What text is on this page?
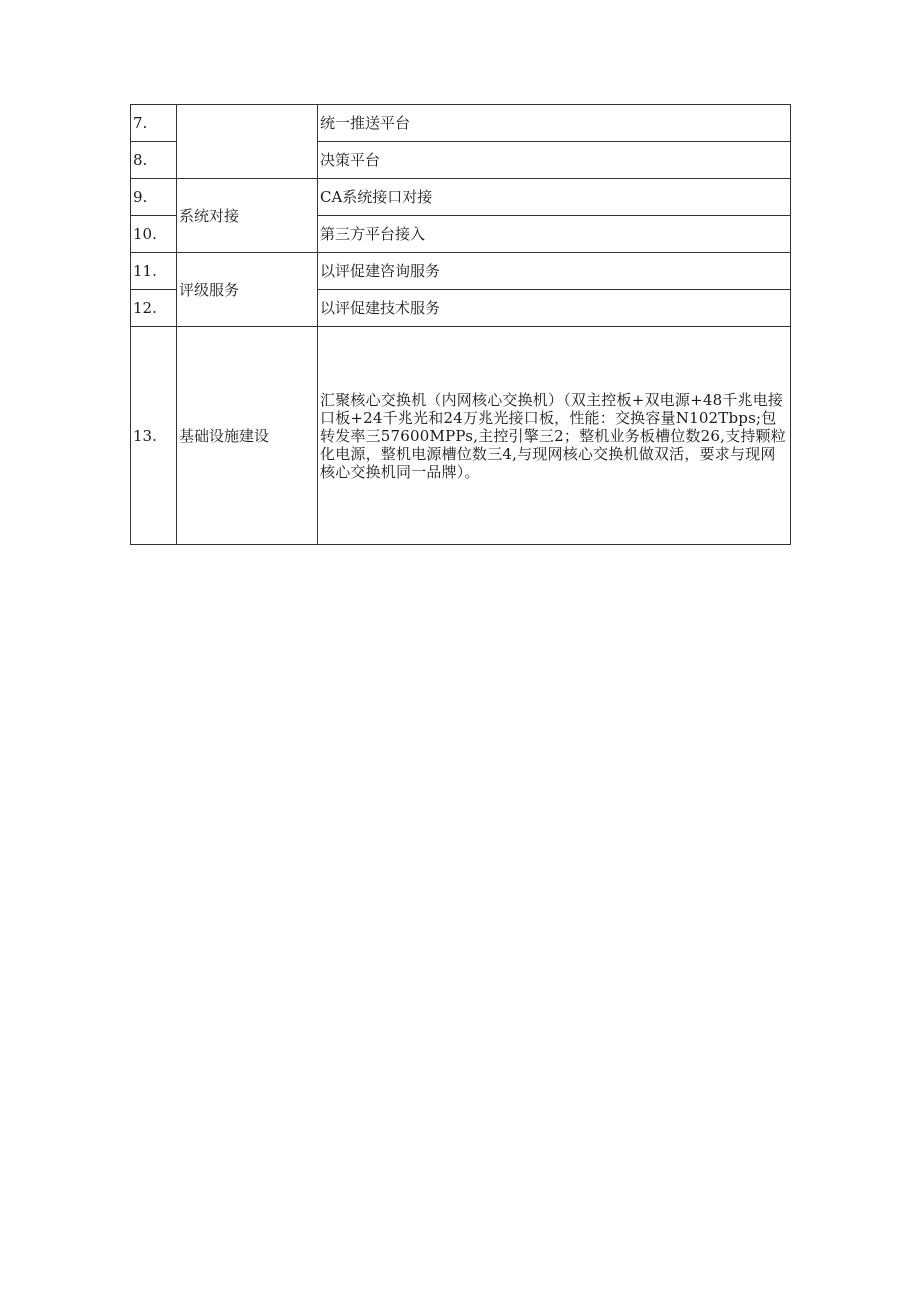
7.		统一推送平台
8.		决策平台
9.	系统对接	CA系统接口对接
10.		第三方平台接入
11.	评级服务	以评促建咨询服务
12.		以评促建技术服务
13.	基础设施建设	汇聚核心交换机（内网核心交换机）（双主控板+双电源+48千兆电接口板+24千兆光和24万兆光接口板，性能：交换容量N102Tbps;包转发率三57600MPPs,主控引擎三2；整机业务板槽位数26,支持颗粒化电源，整机电源槽位数三4,与现网核心交换机做双活，要求与现网核心交换机同一品牌）。
